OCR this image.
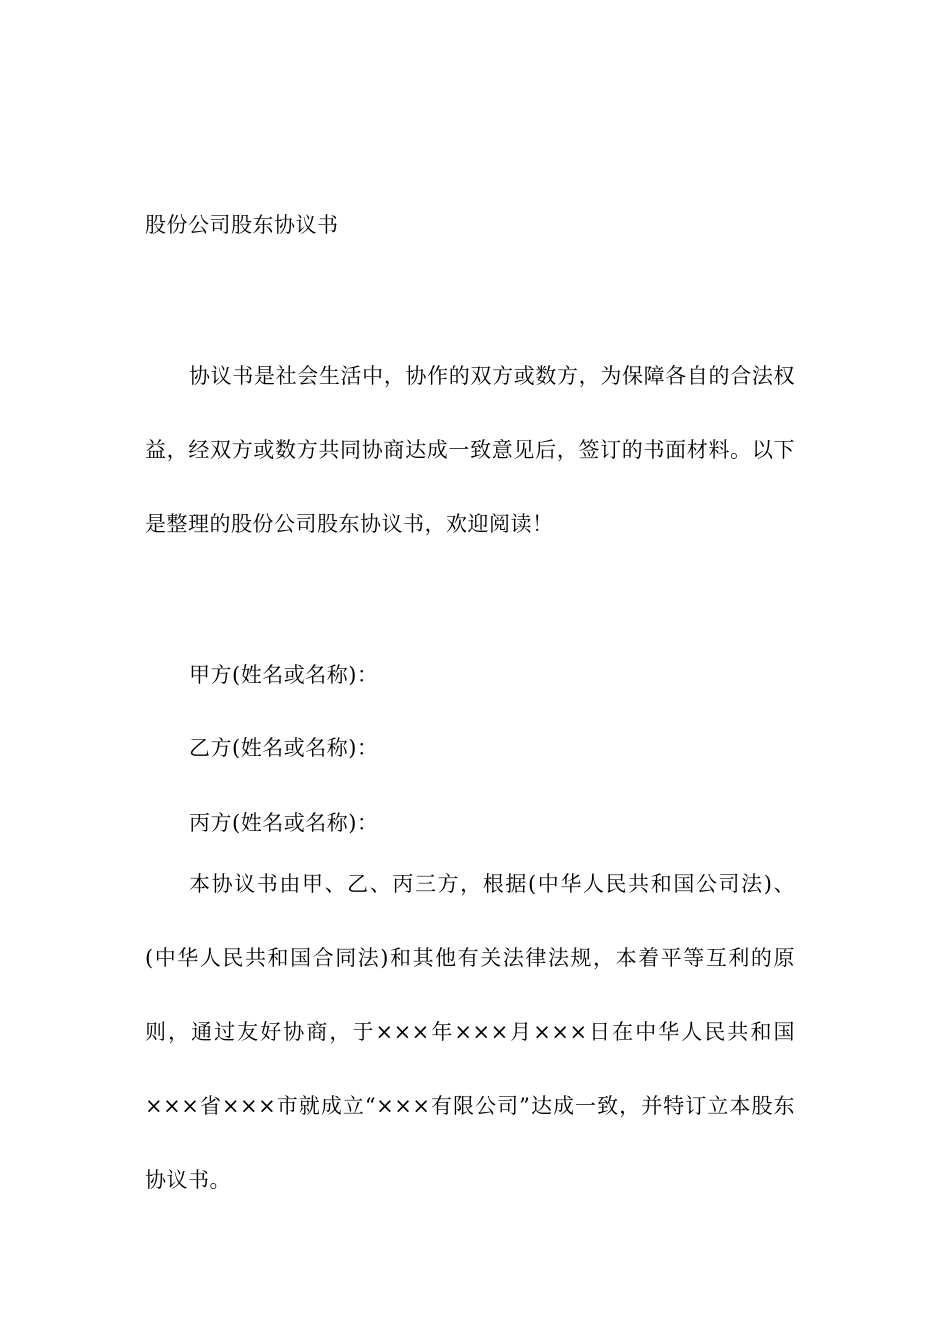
股份公司股东协议书
协议书是社会生活中，协作的双方或数方，为保障各自的合法权益，经双方或数方共同协商达成一致意见后，签订的书面材料。以下是整理的股份公司股东协议书，欢迎阅读！
甲方(姓名或名称)：
乙方(姓名或名称)：
丙方(姓名或名称)：
本协议书由甲、乙、丙三方，根据(中华人民共和国公司法)、(中华人民共和国合同法)和其他有关法律法规，本着平等互利的原则，通过友好协商，于×××年×××月×××日在中华人民共和国×××省×××市就成立“×××有限公司”达成一致，并特订立本股东协议书。
